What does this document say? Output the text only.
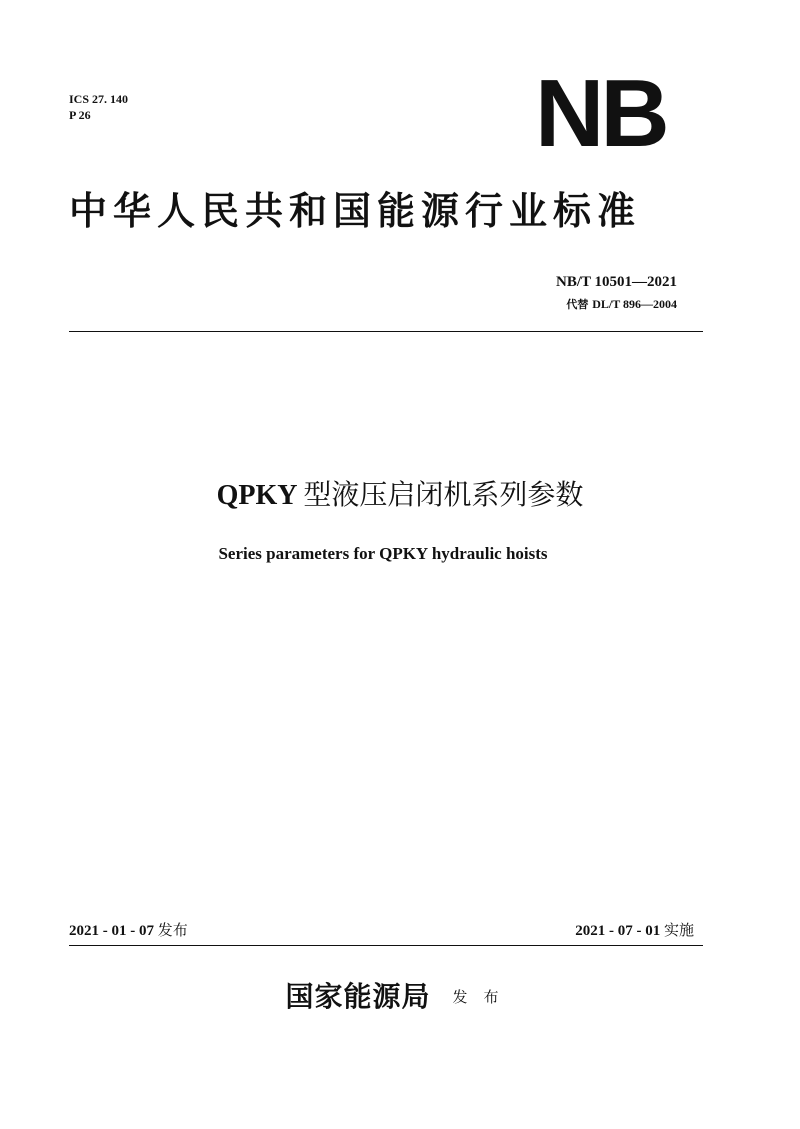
ICS 27. 140
P 26	NB
中华人民共和国能源行业标准
NB/T 10501—2021
代替 DL/T 896—2004
QPKY 型液压启闭机系列参数
Series parameters for QPKY hydraulic hoists
2021 - 01 - 07 发布	2021 - 07 - 01 实施
国家能源局 发布
